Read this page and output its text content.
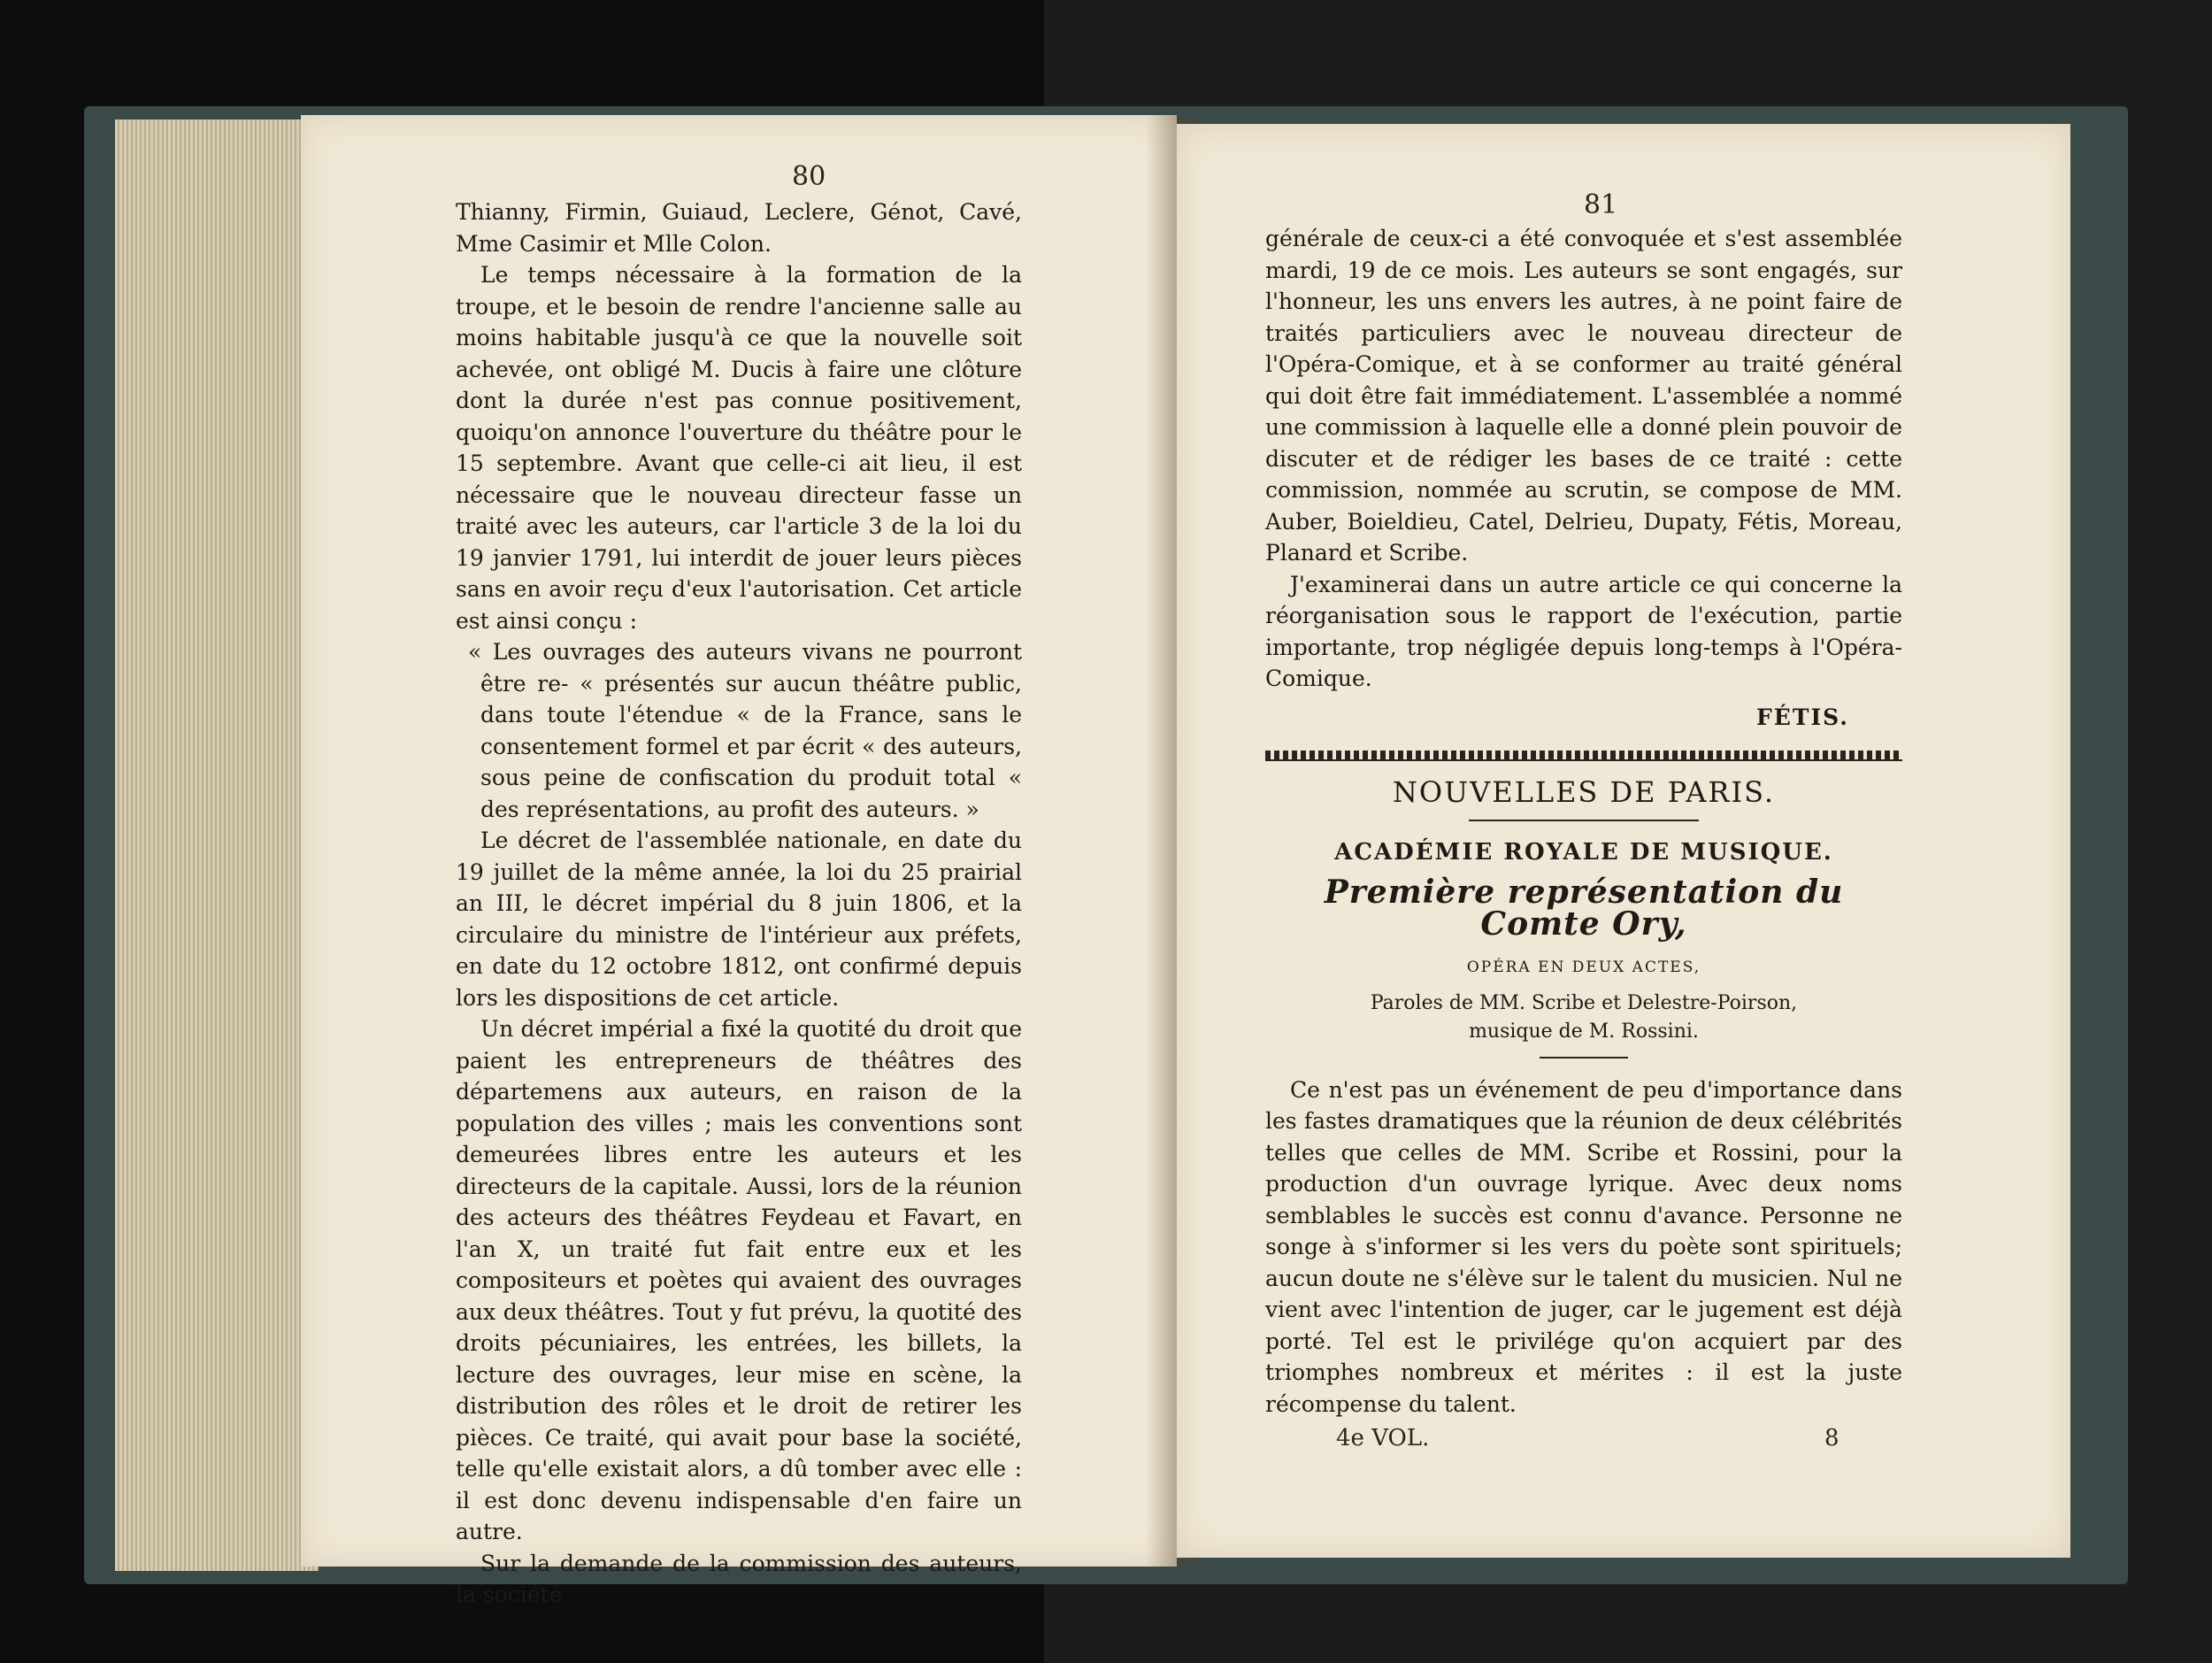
80

Thianny, Firmin, Guiaud, Leclere, Génot, Cavé, Mme Casimir et Mlle Colon.

Le temps nécessaire à la formation de la troupe, et le besoin de rendre l'ancienne salle au moins habitable jusqu'à ce que la nouvelle soit achevée, ont obligé M. Ducis à faire une clôture dont la durée n'est pas connue positivement, quoiqu'on annonce l'ouverture du théâtre pour le 15 septembre. Avant que celle-ci ait lieu, il est nécessaire que le nouveau directeur fasse un traité avec les auteurs, car l'article 3 de la loi du 19 janvier 1791, lui interdit de jouer leurs pièces sans en avoir reçu d'eux l'autorisation. Cet article est ainsi conçu :

« Les ouvrages des auteurs vivans ne pourront être re- « présentés sur aucun théâtre public, dans toute l'étendue « de la France, sans le consentement formel et par écrit « des auteurs, sous peine de confiscation du produit total « des représentations, au profit des auteurs. »

Le décret de l'assemblée nationale, en date du 19 juillet de la même année, la loi du 25 prairial an III, le décret impérial du 8 juin 1806, et la circulaire du ministre de l'intérieur aux préfets, en date du 12 octobre 1812, ont confirmé depuis lors les dispositions de cet article.

Un décret impérial a fixé la quotité du droit que paient les entrepreneurs de théâtres des départemens aux auteurs, en raison de la population des villes ; mais les conventions sont demeurées libres entre les auteurs et les directeurs de la capitale. Aussi, lors de la réunion des acteurs des théâtres Feydeau et Favart, en l'an X, un traité fut fait entre eux et les compositeurs et poètes qui avaient des ouvrages aux deux théâtres. Tout y fut prévu, la quotité des droits pécuniaires, les entrées, les billets, la lecture des ouvrages, leur mise en scène, la distribution des rôles et le droit de retirer les pièces. Ce traité, qui avait pour base la société, telle qu'elle existait alors, a dû tomber avec elle : il est donc devenu indispensable d'en faire un autre.

Sur la demande de la commission des auteurs, la société

81

générale de ceux-ci a été convoquée et s'est assemblée mardi, 19 de ce mois. Les auteurs se sont engagés, sur l'honneur, les uns envers les autres, à ne point faire de traités particuliers avec le nouveau directeur de l'Opéra-Comique, et à se conformer au traité général qui doit être fait immédiatement. L'assemblée a nommé une commission à laquelle elle a donné plein pouvoir de discuter et de rédiger les bases de ce traité : cette commission, nommée au scrutin, se compose de MM. Auber, Boieldieu, Catel, Delrieu, Dupaty, Fétis, Moreau, Planard et Scribe.

J'examinerai dans un autre article ce qui concerne la réorganisation sous le rapport de l'exécution, partie importante, trop négligée depuis long-temps à l'Opéra-Comique.

FÉTIS.

NOUVELLES DE PARIS.

ACADÉMIE ROYALE DE MUSIQUE.

Première représentation du Comte Ory,

OPÉRA EN DEUX ACTES,

Paroles de MM. Scribe et Delestre-Poirson,
musique de M. Rossini.

Ce n'est pas un événement de peu d'importance dans les fastes dramatiques que la réunion de deux célébrités telles que celles de MM. Scribe et Rossini, pour la production d'un ouvrage lyrique. Avec deux noms semblables le succès est connu d'avance. Personne ne songe à s'informer si les vers du poète sont spirituels; aucun doute ne s'élève sur le talent du musicien. Nul ne vient avec l'intention de juger, car le jugement est déjà porté. Tel est le privilége qu'on acquiert par des triomphes nombreux et mérites : il est la juste récompense du talent.

4e VOL.	8
